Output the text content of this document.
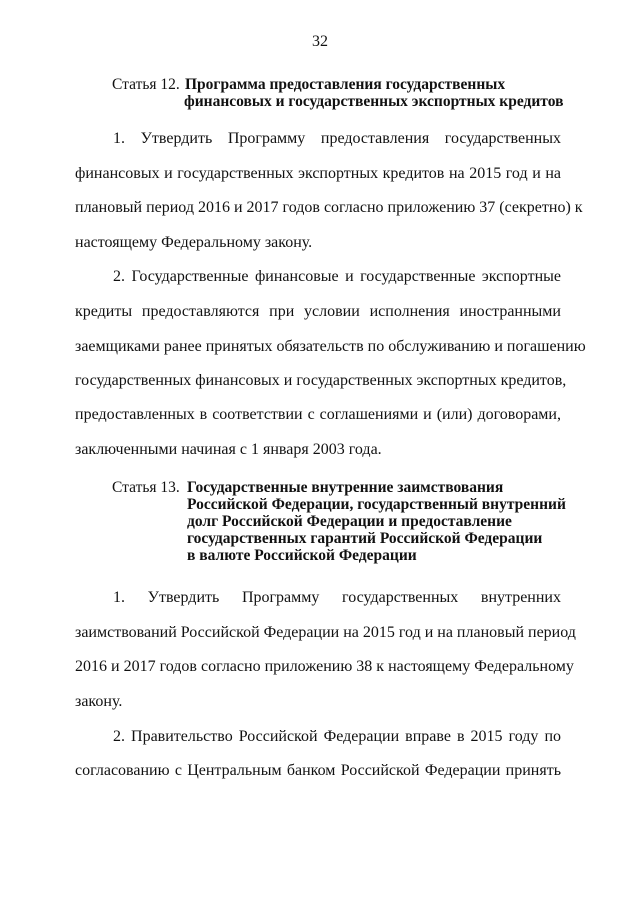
32
Статья 12. Программа предоставления государственных
финансовых и государственных экспортных кредитов
1. Утвердить Программу предоставления государственных
финансовых и государственных экспортных кредитов на 2015 год и на
плановый период 2016 и 2017 годов согласно приложению 37 (секретно) к
настоящему Федеральному закону.
2. Государственные финансовые и государственные экспортные
кредиты предоставляются при условии исполнения иностранными
заемщиками ранее принятых обязательств по обслуживанию и погашению
государственных финансовых и государственных экспортных кредитов,
предоставленных в соответствии с соглашениями и (или) договорами,
заключенными начиная с 1 января 2003 года.
Статья 13. Государственные внутренние заимствования
Российской Федерации, государственный внутренний
долг Российской Федерации и предоставление
государственных гарантий Российской Федерации
в валюте Российской Федерации
1. Утвердить Программу государственных внутренних
заимствований Российской Федерации на 2015 год и на плановый период
2016 и 2017 годов согласно приложению 38 к настоящему Федеральному
закону.
2. Правительство Российской Федерации вправе в 2015 году по
согласованию с Центральным банком Российской Федерации принять
